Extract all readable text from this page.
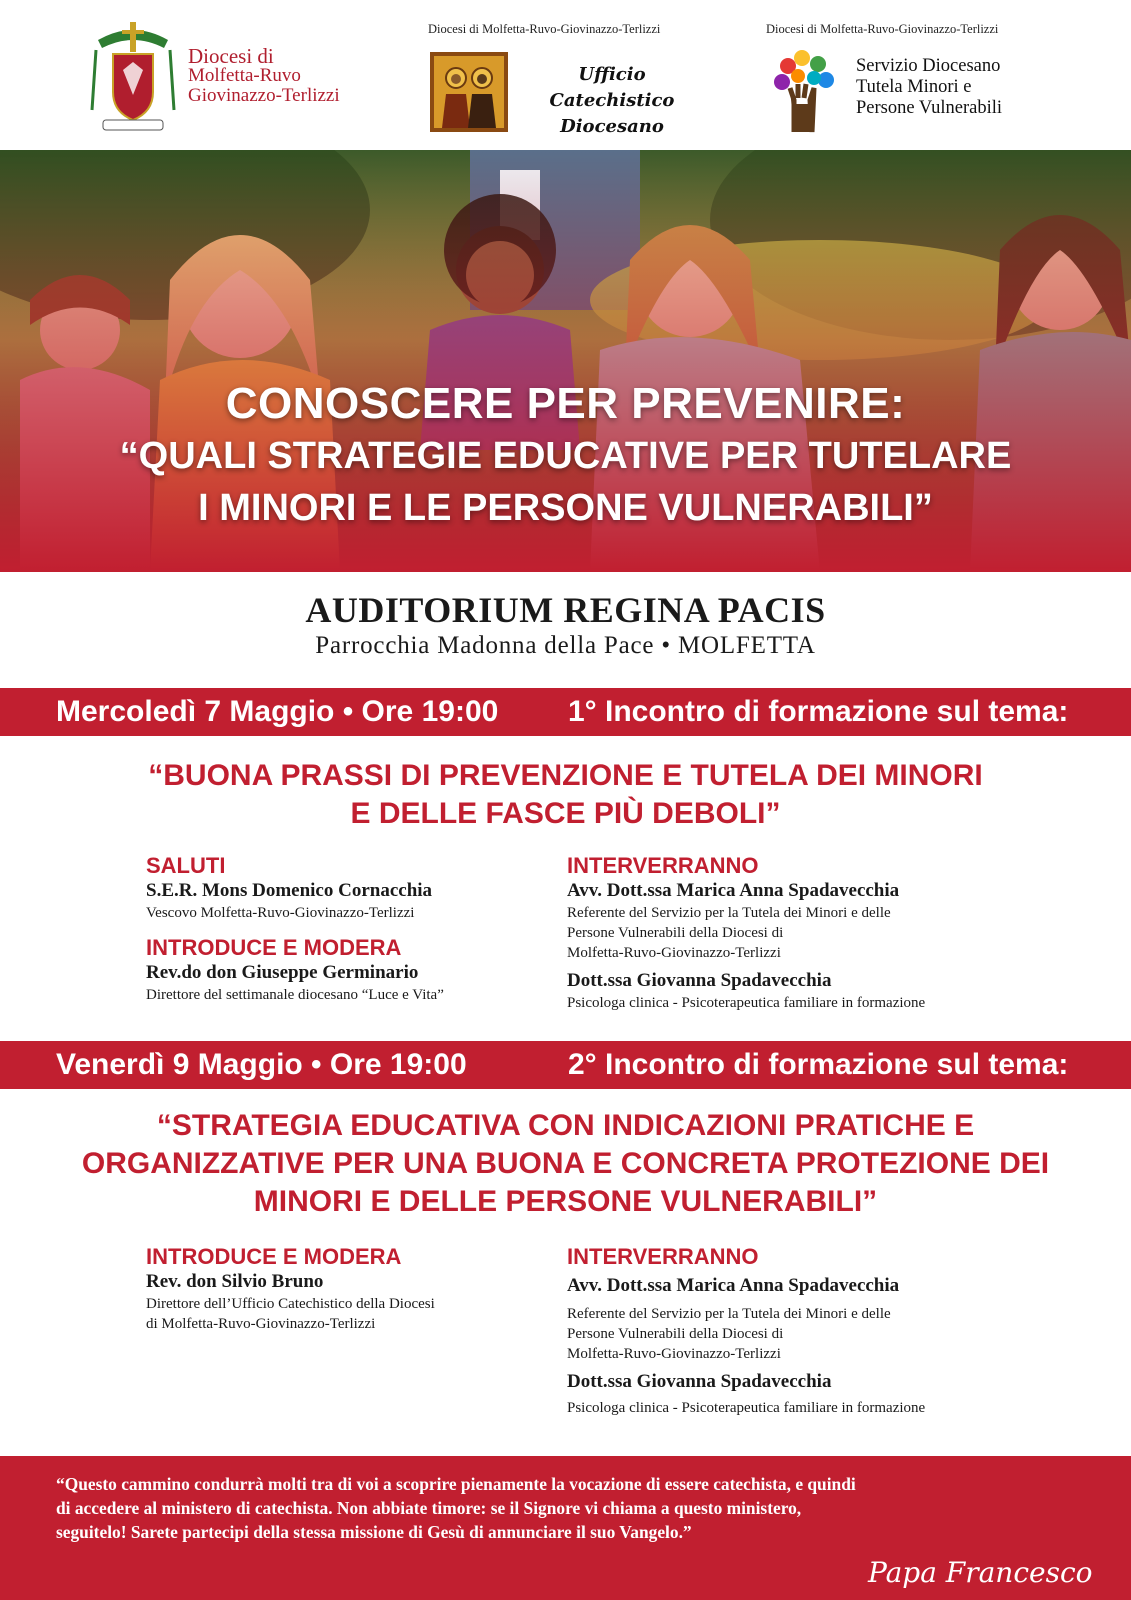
Diocesi di
Molfetta-Ruvo
Giovinazzo-Terlizzi
Diocesi di Molfetta-Ruvo-Giovinazzo-Terlizzi
Ufficio Catechistico
Diocesano
Diocesi di Molfetta-Ruvo-Giovinazzo-Terlizzi
Servizio Diocesano
Tutela Minori e
Persone Vulnerabili
CONOSCERE PER PREVENIRE:
“QUALI STRATEGIE EDUCATIVE PER TUTELARE
I MINORI E LE PERSONE VULNERABILI”
AUDITORIUM REGINA PACIS
Parrocchia Madonna della Pace • MOLFETTA
Mercoledì 7 Maggio • Ore 19:00 1° Incontro di formazione sul tema:
“BUONA PRASSI DI PREVENZIONE E TUTELA DEI MINORI
E DELLE FASCE PIÙ DEBOLI”
SALUTI
S.E.R. Mons Domenico Cornacchia
Vescovo Molfetta-Ruvo-Giovinazzo-Terlizzi
INTRODUCE E MODERA
Rev.do don Giuseppe Germinario
Direttore del settimanale diocesano “Luce e Vita”
INTERVERRANNO
Avv. Dott.ssa Marica Anna Spadavecchia
Referente del Servizio per la Tutela dei Minori e delle
Persone Vulnerabili della Diocesi di
Molfetta-Ruvo-Giovinazzo-Terlizzi
Dott.ssa Giovanna Spadavecchia
Psicologa clinica - Psicoterapeutica familiare in formazione
Venerdì 9 Maggio • Ore 19:00	2° Incontro di formazione sul tema:
“STRATEGIA EDUCATIVA CON INDICAZIONI PRATICHE E
ORGANIZZATIVE PER UNA BUONA E CONCRETA PROTEZIONE DEI
MINORI E DELLE PERSONE VULNERABILI”
INTRODUCE E MODERA
Rev. don Silvio Bruno
Direttore dell’Ufficio Catechistico della Diocesi
di Molfetta-Ruvo-Giovinazzo-Terlizzi
INTERVERRANNO
Avv. Dott.ssa Marica Anna Spadavecchia
Referente del Servizio per la Tutela dei Minori e delle
Persone Vulnerabili della Diocesi di
Molfetta-Ruvo-Giovinazzo-Terlizzi
Dott.ssa Giovanna Spadavecchia
Psicologa clinica - Psicoterapeutica familiare in formazione
“Questo cammino condurrà molti tra di voi a scoprire pienamente la vocazione di essere catechista, e quindi
di accedere al ministero di catechista. Non abbiate timore: se il Signore vi chiama a questo ministero,
seguitelo! Sarete partecipi della stessa missione di Gesù di annunciare il suo Vangelo.”
Papa Francesco
